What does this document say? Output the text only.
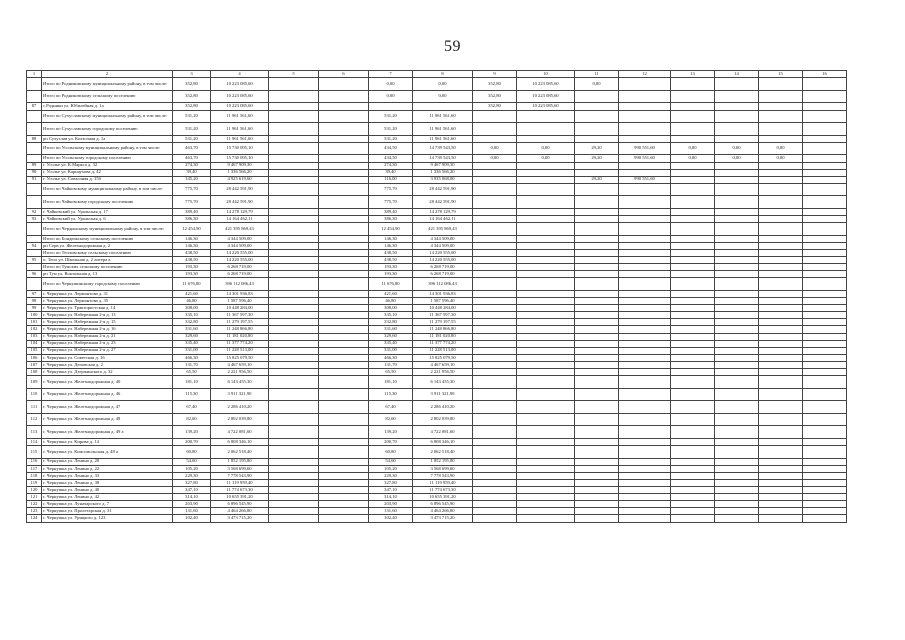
59
1	2	3	4	5	6	7	8	9	10	11	12	13	14	15	16
	Итого по Родниковскому муниципальному району, в том числе:	352,80	10 223 085,60			0,00	0,00	352,80	10 223 085,60	0,00					
	Итого по Родниковскому сельскому поселению	352,80	10 223 085,60			0,00	0,00	352,80	10 223 085,60						
87	с.Родники ул. Юбилейная д. 1а	352,80	10 223 085,60					352,80	10 223 085,60						
	Итого по Сухуславскому муниципальному району, в том числе:	531,20	11 961 561,60			531,20	11 961 561,60								
	Итого по Сухуславскому городскому поселению	531,20	11 961 561,60			531,20	11 961 561,60								
88	рп Сухуслав ул. Колхозная д. 1а	531,20	11 961 561,60			531,20	11 961 561,60								
	Итого по Усольскому муниципальному району, в том числе:	463,70	15 730 095,10			434,50	14 739 543,50	0,00	0,00	29,20	990 551,60	0,00	0,00	0,00	
	Итого по Усольскому городскому поселению	463,70	15 730 095,10			434,50	14 739 543,50	0,00	0,00	29,20	990 551,60	0,00	0,00	0,00	
89	г. Усолье ул. К.Маркса д. 32	274,30	9 467 909,30			274,30	9 467 909,30								
90	г. Усолье ул. Карнаухова д. 42	39,40	1 336 566,20			39,40	1 336 566,20								
91	г. Усолье ул. Совхозная д. 15б	145,20	4 925 619,60			116,00	3 935 068,00			29,20	990 551,60				
	Итого по Чайковскому муниципальному району, в том числе:	775,70	28 442 591,90			775,70	28 442 591,90								
	Итого по Чайковскому городскому поселению	775,70	28 442 591,90			775,70	28 442 591,90								
92	г. Чайковский ул. Уральская д. 17	389,40	14 278 129,79			389,40	14 278 129,79								
93	г. Чайковский ул. Уральская д. 6	386,30	14 164 462,11			386,30	14 164 462,11								
	Итого по Чердынскому муниципальному району, в том числе:	12 454,90	421 395 869,43			12 454,90	421 395 869,43								
	Итого по Бондюжскому сельскому поселению	146,30	4 344 509,00			146,30	4 344 509,00								
94	рп Серв ул. Железнодорожная д. 2	146,30	4 344 509,00			146,30	4 344 509,00								
	Итого по Тепловскому сельскому поселению	438,50	14 220 555,00			438,50	14 220 555,00								
95	п. Тепл ул. Школьная д. 2 литера а	438,50	14 220 555,00			438,50	14 220 555,00								
	Итого по Тумских сельскому поселению	193,30	6 268 719,00			193,30	6 268 719,00								
96	рп Тум ул. Вокзальная д. 13	193,30	6 268 719,00			193,30	6 268 719,00								
	Итого по Чернушинскому городскому поселению	11 676,80	396 112 086,43			11 676,80	396 112 086,43								
97	г. Чернушка ул. Лермонтова д. 31	421,60	14 301 936,83			421,60	14 301 936,83								
98	г. Чернушка ул. Лермонтова д. 35	46,80	1 587 596,40			46,80	1 587 596,40								
99	г. Чернушка ул. Трактористская д. 14	308,00	10 448 284,00			308,00	10 448 284,00								
100	г. Чернушка ул. Набережная 2-я д. 13	335,10	11 367 597,30			335,10	11 367 597,30								
101	г. Чернушка ул. Набережная 2-я д. 15	332,80	11 279 197,55			332,80	11 279 197,55								
102	г. Чернушка ул. Набережная 2-я д. 16	331,60	11 248 866,80			331,60	11 248 866,80								
103	г. Чернушка ул. Набережная 2-я д. 21	329,60	11 181 020,80			329,60	11 181 020,80								
104	г. Чернушка ул. Набережная 2-я д. 23	335,40	11 377 774,20			335,40	11 377 774,20								
105	г. Чернушка ул. Набережная 2-я д. 27	331,00	11 228 513,00			331,00	11 228 513,00								
106	г. Чернушка ул. Советская д. 16	466,30	15 825 079,50			466,30	15 825 079,50								
107	г. Чернушка ул. Деповская д. 2	131,70	4 467 659,10			131,70	4 467 659,10								
108	г. Чернушка ул. Дзержинского д. 32	65,50	2 221 956,50			65,50	2 221 956,50								
109	г. Чернушка ул. Железнодорожная д. 40	181,10	6 143 455,30			181,10	6 143 455,30								
110	г. Чернушка ул. Железнодорожная д. 46	115,30	3 911 321,90			115,30	3 911 321,90								
111	г. Чернушка ул. Железнодорожная д. 47	67,40	2 286 410,20			67,40	2 286 410,20								
112	г. Чернушка ул. Железнодорожная д. 48	82,60	2 802 039,80			82,60	2 802 039,80								
113	г. Чернушка ул. Железнодорожная д. 49 а	139,20	4 722 081,60			139,20	4 722 081,60								
114	г. Чернушка ул. Кирова д. 14	200,70	6 808 346,10			200,70	6 808 346,10								
115	г. Чернушка ул. Комсомольская д. 48 а	60,80	2 062 518,40			60,80	2 062 518,40								
116	г. Чернушка ул. Ленина д. 20	54,60	1 852 195,80			54,60	1 852 195,80								
117	г. Чернушка ул. Ленина д. 22	105,20	3 568 699,60			105,20	3 568 699,60								
118	г. Чернушка ул. Ленина д. 33	229,30	7 778 543,90			229,30	7 778 543,90								
119	г. Чернушка ул. Ленина д. 38	327,80	11 119 959,40			327,80	11 119 959,40								
120	г. Чернушка ул. Ленина д. 40	347,10	11 774 673,30			347,10	11 774 673,30								
121	г. Чернушка ул. Ленина д. 42	314,10	10 655 391,20			314,10	10 655 391,20								
122	г. Чернушка ул. Луначарского д. 7	203,90	6 896 545,90			203,90	6 896 545,90								
123	г. Чернушка ул. Пролетарская д. 31	131,60	4 464 266,80			131,60	4 464 266,80								
124	г. Чернушка ул. Урицкого д. 123	102,40	3 473 715,20			102,40	3 473 715,20								
